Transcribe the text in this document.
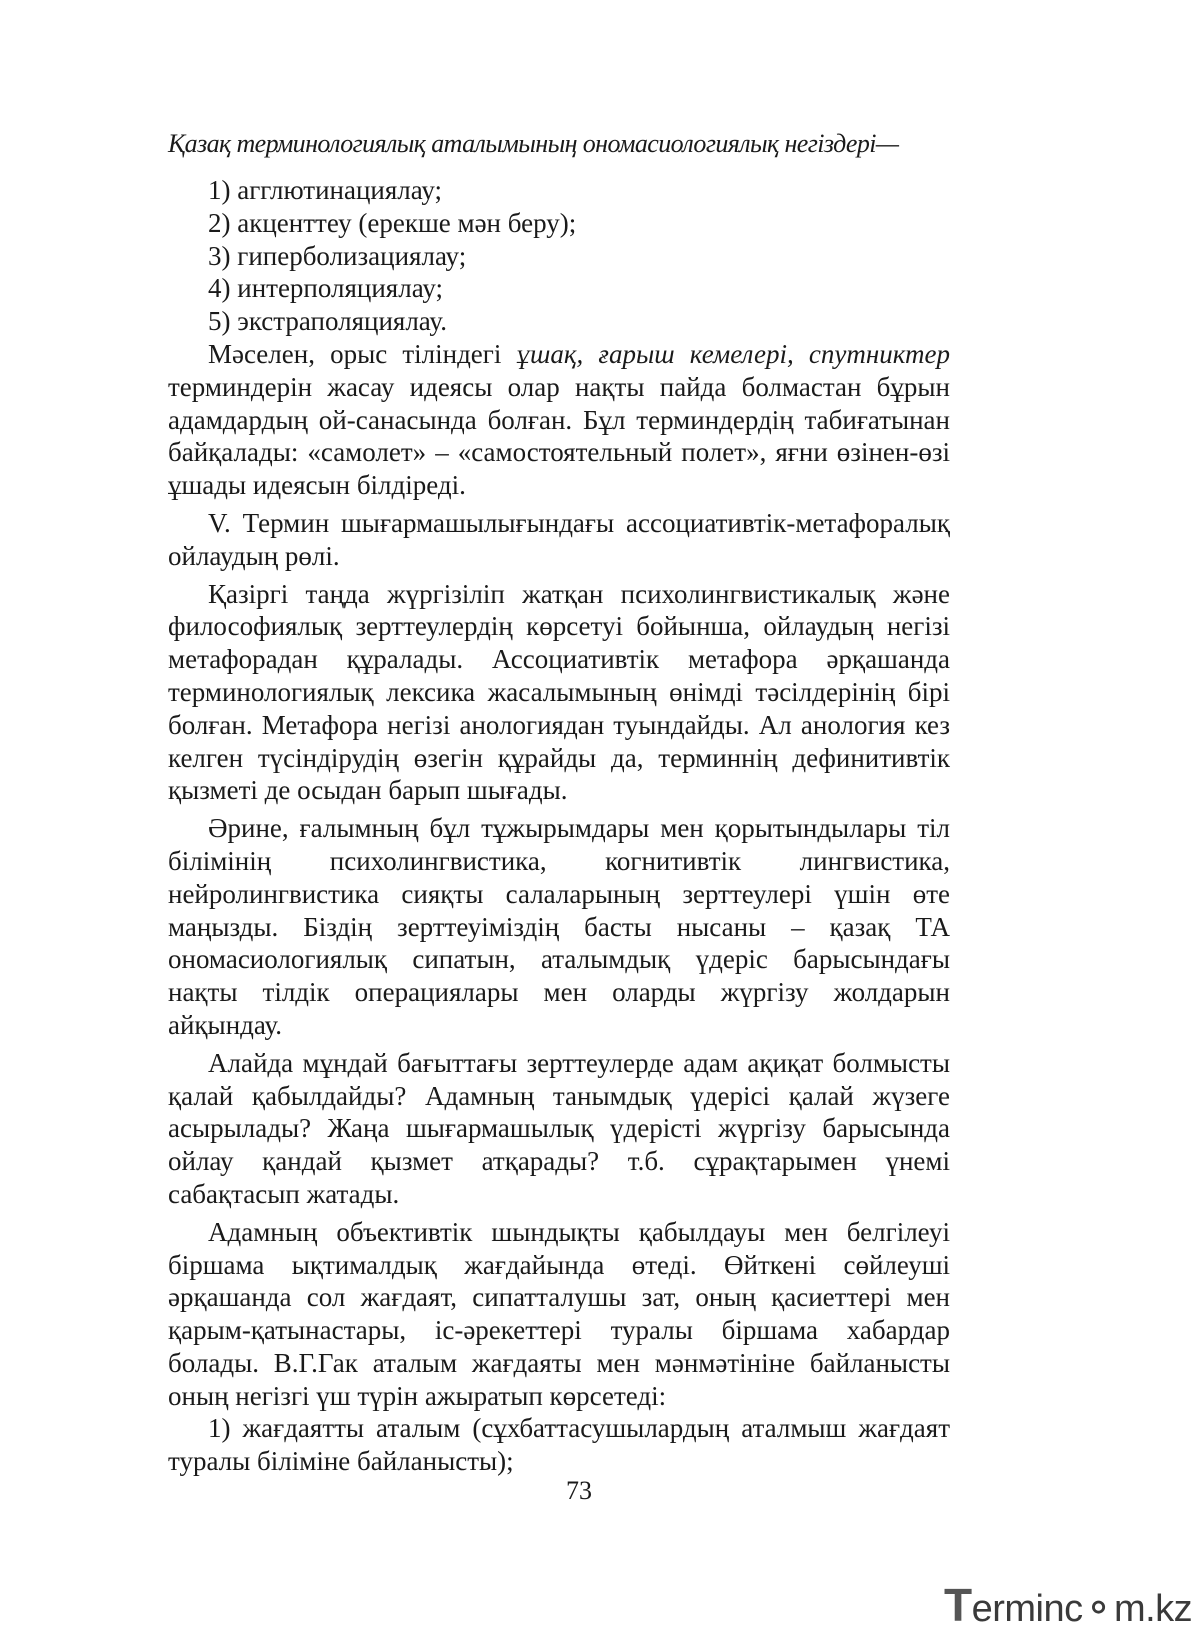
Қазақ терминологиялық аталымының ономасиологиялық негіздері—

1) агглютинациялау;

2) акценттеу (ерекше мəн беру);

3) гиперболизациялау;

4) интерполяциялау;

5) экстраполяциялау.

Мəселен, орыс тіліндегі ұшақ, ғарыш кемелері, спутниктер терминдерін жасау идеясы олар нақты пайда болмастан бұрын адамдардың ой-санасында болған. Бұл терминдердің табиғатынан байқалады: «самолет» – «самостоятельный полет», яғни өзінен-өзі ұшады идеясын білдіреді.

V. Термин шығармашылығындағы ассоциативтік-метафоралық ойлаудың рөлі.

Қазіргі таңда жүргізіліп жатқан психолингвистикалық жəне философиялық зерттеулердің көрсетуі бойынша, ойлаудың негізі метафорадан құралады. Ассоциативтік метафора əрқашанда терминологиялық лексика жасалымының өнімді тəсілдерінің бірі болған. Метафора негізі анологиядан туындайды. Ал анология кез келген түсіндірудің өзегін құрайды да, терминнің дефинитивтік қызметі де осыдан барып шығады.

Əрине, ғалымның бұл тұжырымдары мен қорытындылары тіл білімінің психолингвистика, когнитивтік лингвистика, нейролингвистика сияқты салаларының зерттеулері үшін өте маңызды. Біздің зерттеуіміздің басты нысаны – қазақ ТА ономасиологиялық сипатын, аталымдық үдеріс барысындағы нақты тілдік операциялары мен оларды жүргізу жолдарын айқындау.

Алайда мұндай бағыттағы зерттеулерде адам ақиқат болмысты қалай қабылдайды? Адамның танымдық үдерісі қалай жүзеге асырылады? Жаңа шығармашылық үдерісті жүргізу барысында ойлау қандай қызмет атқарады? т.б. сұрақтарымен үнемі сабақтасып жатады.

Адамның объективтік шындықты қабылдауы мен белгілеуі біршама ықтималдық жағдайында өтеді. Өйткені сөйлеуші əрқашанда сол жағдаят, сипатталушы зат, оның қасиеттері мен қарым-қатынастары, іс-əрекеттері туралы біршама хабардар болады. В.Г.Гак аталым жағдаяты мен мəнмəтініне байланысты оның негізгі үш түрін ажыратып көрсетеді:

1) жағдаятты аталым (сұхбаттасушылардың аталмыш жағдаят туралы біліміне байланысты);

73
Terminc⚬m.kz
